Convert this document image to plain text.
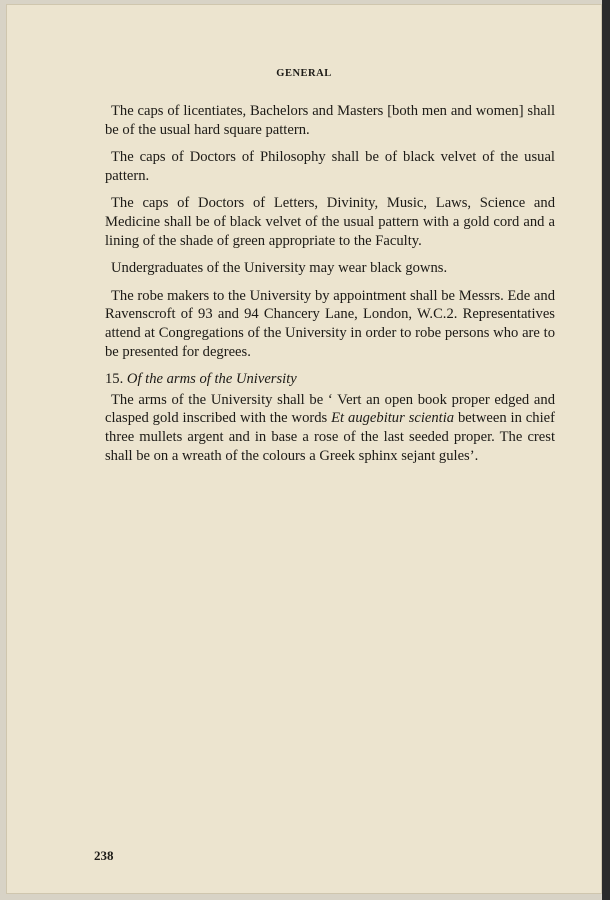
GENERAL

The caps of licentiates, Bachelors and Masters [both men and women] shall be of the usual hard square pattern.

The caps of Doctors of Philosophy shall be of black velvet of the usual pattern.

The caps of Doctors of Letters, Divinity, Music, Laws, Science and Medicine shall be of black velvet of the usual pattern with a gold cord and a lining of the shade of green appropriate to the Faculty.

Undergraduates of the University may wear black gowns.

The robe makers to the University by appointment shall be Messrs. Ede and Ravenscroft of 93 and 94 Chancery Lane, London, W.C.2. Representatives attend at Congregations of the University in order to robe persons who are to be presented for degrees.

15. Of the arms of the University

The arms of the University shall be ‘ Vert an open book proper edged and clasped gold inscribed with the words Et augebitur scientia between in chief three mullets argent and in base a rose of the last seeded proper. The crest shall be on a wreath of the colours a Greek sphinx sejant gules’.

238
